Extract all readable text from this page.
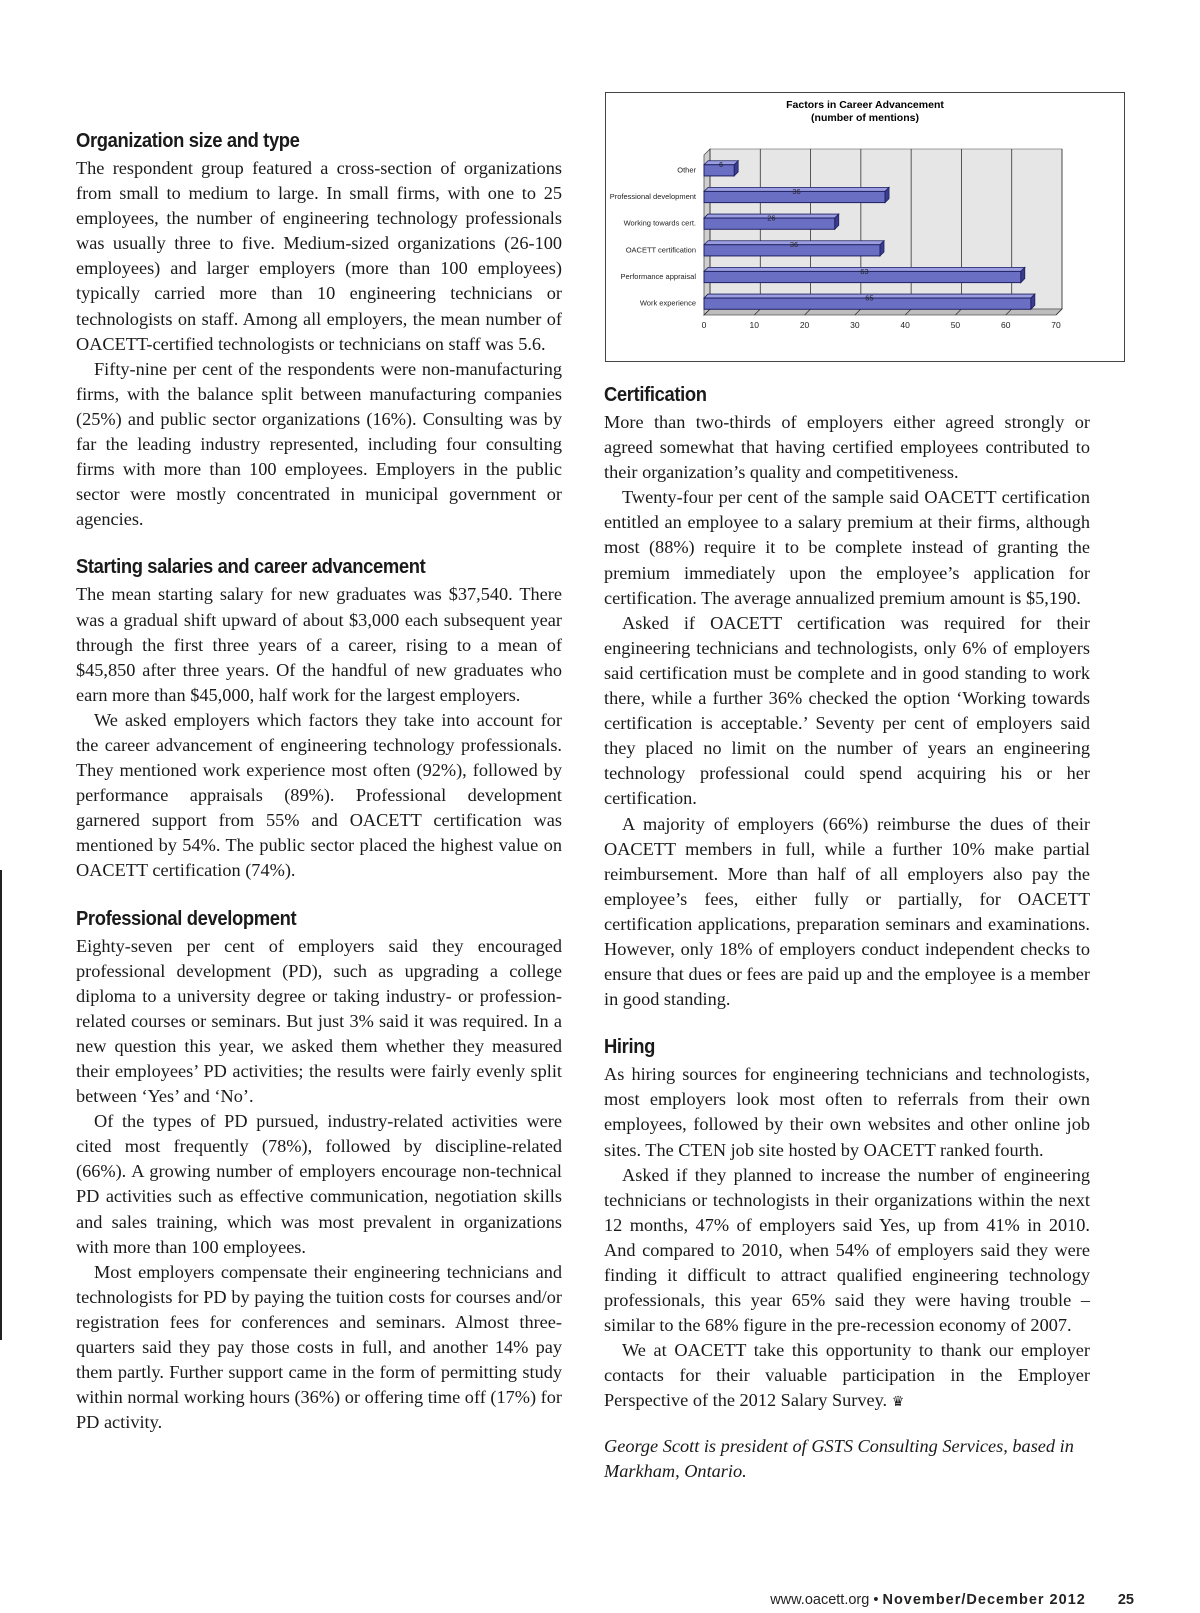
Factors in Career Advancement
(number of mentions)
6
36
26
36
63
65
Other
Professional development
Working towards cert.
OACETT certification
Performance appraisal
Work experience
0	10	20	30	40	50	60	70
Organization size and type

The respondent group featured a cross-section of organizations from small to medium to large. In small firms, with one to 25 employees, the number of engineering technology professionals was usually three to five. Medium-sized organizations (26-100 employees) and larger employers (more than 100 employees) typically carried more than 10 engineering technicians or technologists on staff. Among all employers, the mean number of OACETT-certified technologists or technicians on staff was 5.6.

Fifty-nine per cent of the respondents were non-manufacturing firms, with the balance split between manufacturing companies (25%) and public sector organizations (16%). Consulting was by far the leading industry represented, including four consulting firms with more than 100 employees. Employers in the public sector were mostly concentrated in municipal government or agencies.

Starting salaries and career advancement

The mean starting salary for new graduates was $37,540. There was a gradual shift upward of about $3,000 each subsequent year through the first three years of a career, rising to a mean of $45,850 after three years. Of the handful of new graduates who earn more than $45,000, half work for the largest employers.

We asked employers which factors they take into account for the career advancement of engineering technology professionals. They mentioned work experience most often (92%), followed by performance appraisals (89%). Professional development garnered support from 55% and OACETT certification was mentioned by 54%. The public sector placed the highest value on OACETT certification (74%).

Professional development

Eighty-seven per cent of employers said they encouraged professional development (PD), such as upgrading a college diploma to a university degree or taking industry- or profession-related courses or seminars. But just 3% said it was required. In a new question this year, we asked them whether they measured their employees’ PD activities; the results were fairly evenly split between ‘Yes’ and ‘No’.

Of the types of PD pursued, industry-related activities were cited most frequently (78%), followed by discipline-related (66%). A growing number of employers encourage non-technical PD activities such as effective communication, negotiation skills and sales training, which was most prevalent in organizations with more than 100 employees.

Most employers compensate their engineering technicians and technologists for PD by paying the tuition costs for courses and/or registration fees for conferences and seminars. Almost three-quarters said they pay those costs in full, and another 14% pay them partly. Further support came in the form of permitting study within normal working hours (36%) or offering time off (17%) for PD activity.

Certification

More than two-thirds of employers either agreed strongly or agreed somewhat that having certified employees contributed to their organization’s quality and competitiveness.

Twenty-four per cent of the sample said OACETT certification entitled an employee to a salary premium at their firms, although most (88%) require it to be complete instead of granting the premium immediately upon the employee’s application for certification. The average annualized premium amount is $5,190.

Asked if OACETT certification was required for their engineering technicians and technologists, only 6% of employers said certification must be complete and in good standing to work there, while a further 36% checked the option ‘Working towards certification is acceptable.’ Seventy per cent of employers said they placed no limit on the number of years an engineering technology professional could spend acquiring his or her certification.

A majority of employers (66%) reimburse the dues of their OACETT members in full, while a further 10% make partial reimbursement. More than half of all employers also pay the employee’s fees, either fully or partially, for OACETT certification applications, preparation seminars and examinations. However, only 18% of employers conduct independent checks to ensure that dues or fees are paid up and the employee is a member in good standing.

Hiring

As hiring sources for engineering technicians and technologists, most employers look most often to referrals from their own employees, followed by their own websites and other online job sites. The CTEN job site hosted by OACETT ranked fourth.

Asked if they planned to increase the number of engineering technicians or technologists in their organizations within the next 12 months, 47% of employers said Yes, up from 41% in 2010. And compared to 2010, when 54% of employers said they were finding it difficult to attract qualified engineering technology professionals, this year 65% said they were having trouble – similar to the 68% figure in the pre-recession economy of 2007.

We at OACETT take this opportunity to thank our employer contacts for their valuable participation in the Employer Perspective of the 2012 Salary Survey. ♛

George Scott is president of GSTS Consulting Services, based in Markham, Ontario.

www.oacett.org • November/December 2012 25
